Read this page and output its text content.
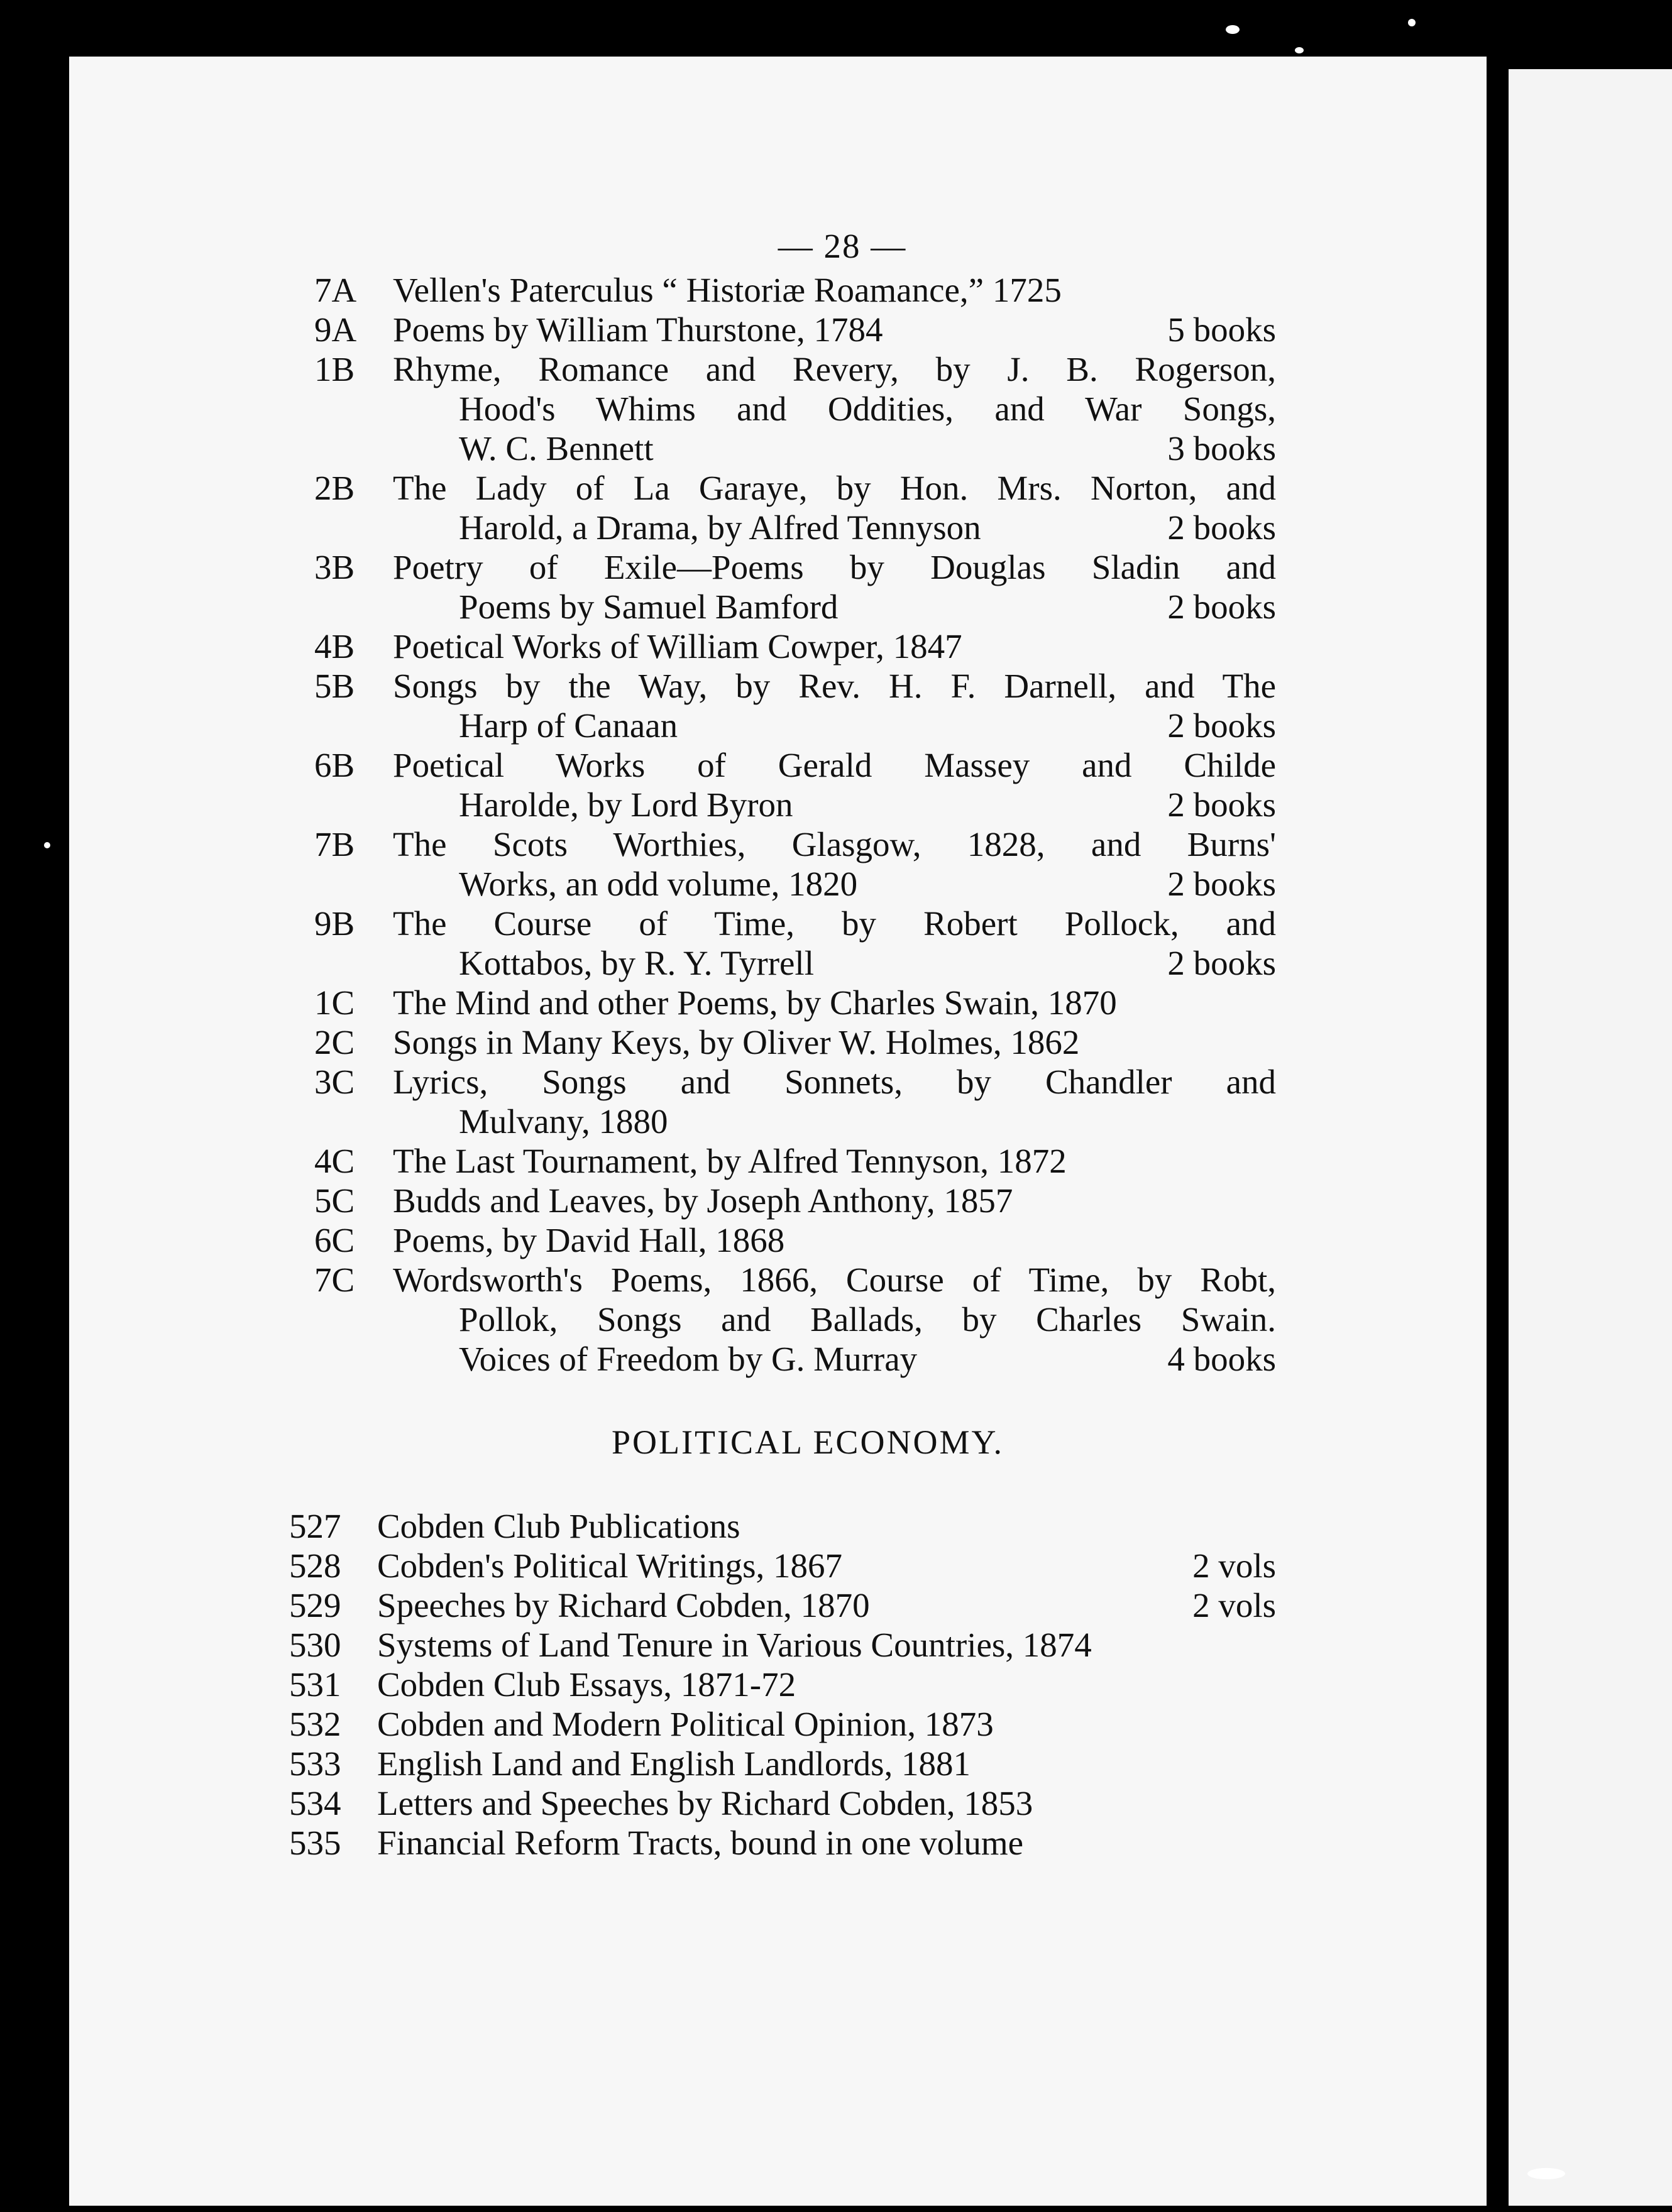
— 28 —
7A Vellen's Paterculus “ Historiæ Roamance,” 1725
9A Poems by William Thurstone, 1784	5 books
1B Rhyme, Romance and Revery, by J. B. Rogerson,
Hood's Whims and Oddities, and War Songs,
W. C. Bennett	3 books
2B The Lady of La Garaye, by Hon. Mrs. Norton, and
Harold, a Drama, by Alfred Tennyson	2 books
3B Poetry of Exile—Poems by Douglas Sladin and
Poems by Samuel Bamford	2 books
4B Poetical Works of William Cowper, 1847
5B Songs by the Way, by Rev. H. F. Darnell, and The
Harp of Canaan	2 books
6B Poetical Works of Gerald Massey and Childe
Harolde, by Lord Byron	2 books
7B The Scots Worthies, Glasgow, 1828, and Burns'
Works, an odd volume, 1820	2 books
9B The Course of Time, by Robert Pollock, and
Kottabos, by R. Y. Tyrrell	2 books
1C The Mind and other Poems, by Charles Swain, 1870
2C Songs in Many Keys, by Oliver W. Holmes, 1862
3C Lyrics, Songs and Sonnets, by Chandler and
Mulvany, 1880
4C The Last Tournament, by Alfred Tennyson, 1872
5C Budds and Leaves, by Joseph Anthony, 1857
6C Poems, by David Hall, 1868
7C Wordsworth's Poems, 1866, Course of Time, by Robt,
Pollok, Songs and Ballads, by Charles Swain.
Voices of Freedom by G. Murray	4 books
POLITICAL ECONOMY.
527 Cobden Club Publications
528 Cobden's Political Writings, 1867	2 vols
529 Speeches by Richard Cobden, 1870	2 vols
530 Systems of Land Tenure in Various Countries, 1874
531 Cobden Club Essays, 1871-72
532 Cobden and Modern Political Opinion, 1873
533 English Land and English Landlords, 1881
534 Letters and Speeches by Richard Cobden, 1853
535 Financial Reform Tracts, bound in one volume
